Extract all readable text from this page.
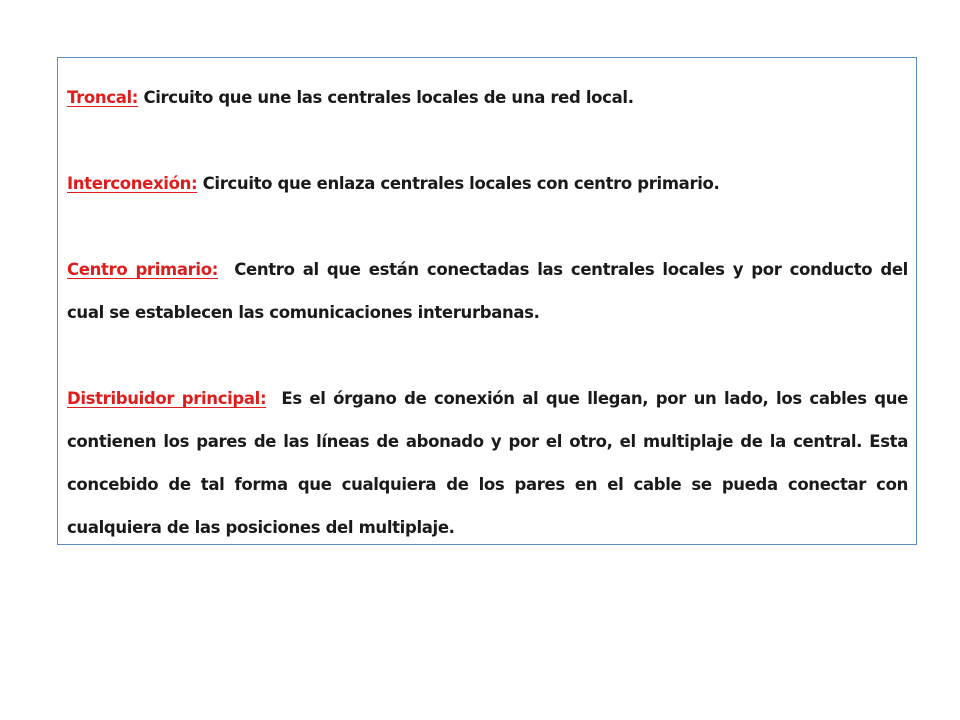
Troncal: Circuito que une las centrales locales de una red local.

Interconexión: Circuito que enlaza centrales locales con centro primario.

Centro primario: Centro al que están conectadas las centrales locales y por conducto del cual se establecen las comunicaciones interurbanas.

Distribuidor principal: Es el órgano de conexión al que llegan, por un lado, los cables que contienen los pares de las líneas de abonado y por el otro, el multiplaje de la central. Esta concebido de tal forma que cualquiera de los pares en el cable se pueda conectar con cualquiera de las posiciones del multiplaje.
